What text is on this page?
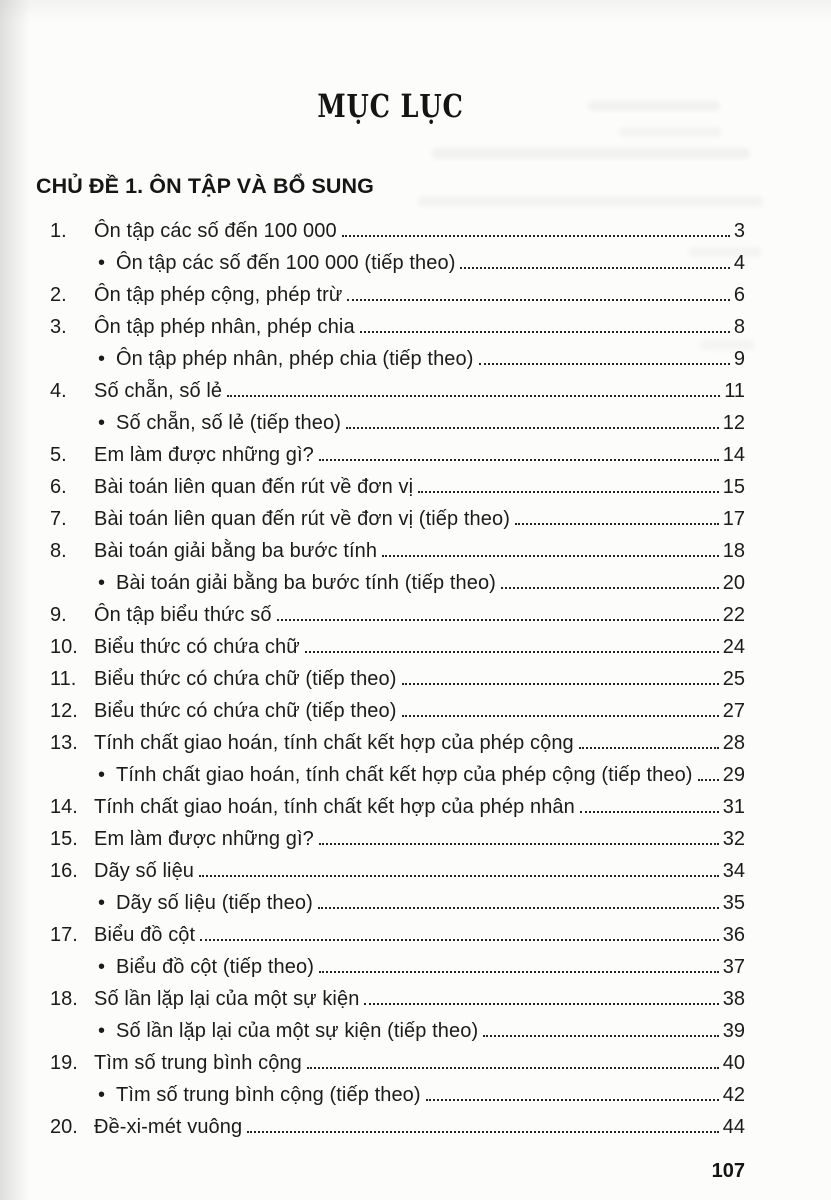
MỤC LỤC
CHỦ ĐỀ 1. ÔN TẬP VÀ BỔ SUNG
1.	Ôn tập các số đến 100 000	3
• Ôn tập các số đến 100 000 (tiếp theo)	4
2.	Ôn tập phép cộng, phép trừ	6
3.	Ôn tập phép nhân, phép chia	8
• Ôn tập phép nhân, phép chia (tiếp theo)	9
4.	Số chẵn, số lẻ	11
• Số chẵn, số lẻ (tiếp theo)	12
5.	Em làm được những gì?	14
6.	Bài toán liên quan đến rút về đơn vị	15
7.	Bài toán liên quan đến rút về đơn vị (tiếp theo)	17
8.	Bài toán giải bằng ba bước tính	18
• Bài toán giải bằng ba bước tính (tiếp theo)	20
9.	Ôn tập biểu thức số	22
10. Biểu thức có chứa chữ	24
11. Biểu thức có chứa chữ (tiếp theo)	25
12. Biểu thức có chứa chữ (tiếp theo)	27
13. Tính chất giao hoán, tính chất kết hợp của phép cộng	28
• Tính chất giao hoán, tính chất kết hợp của phép cộng (tiếp theo) 29
14. Tính chất giao hoán, tính chất kết hợp của phép nhân	31
15. Em làm được những gì?	32
16. Dãy số liệu	34
• Dãy số liệu (tiếp theo)	35
17. Biểu đồ cột	36
• Biểu đồ cột (tiếp theo)	37
18. Số lần lặp lại của một sự kiện	38
• Số lần lặp lại của một sự kiện (tiếp theo)	39
19. Tìm số trung bình cộng	40
• Tìm số trung bình cộng (tiếp theo)	42
20. Đề-xi-mét vuông	44
107
